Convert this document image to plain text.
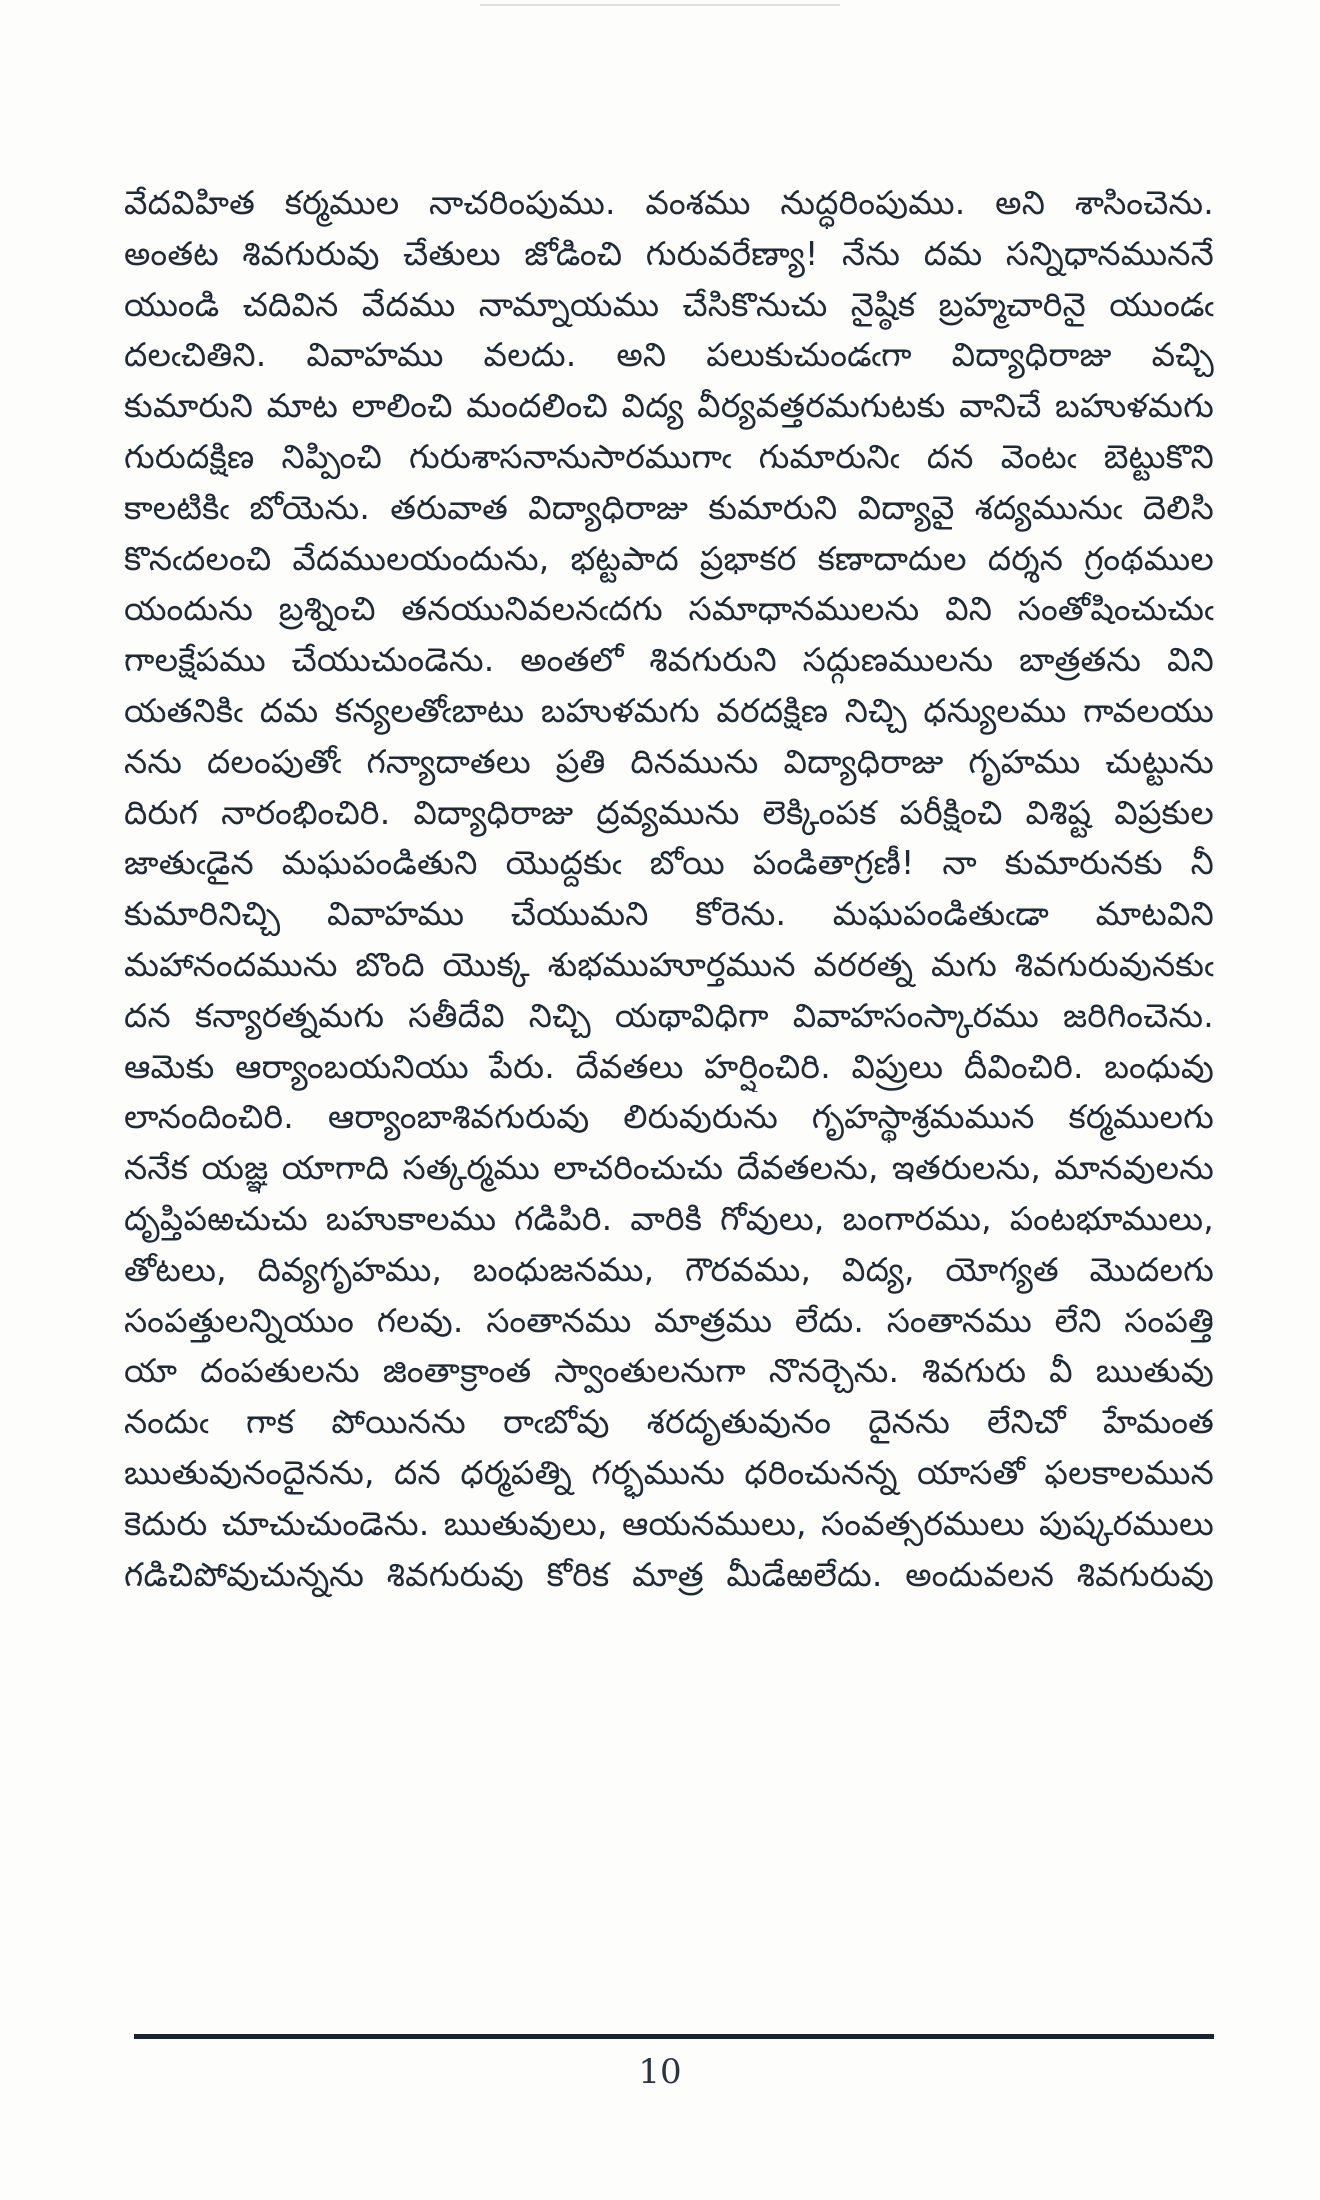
వేదవిహిత కర్మముల నాచరింపుము. వంశము నుద్ధరింపుము. అని శాసించెను.
అంతట శివగురువు చేతులు జోడించి గురువరేణ్యా! నేను దమ సన్నిధానముననే
యుండి చదివిన వేదము నామ్నాయము చేసికొనుచు నైష్ఠిక బ్రహ్మచారినై యుండఁ
దలఁచితిని. వివాహము వలదు. అని పలుకుచుండఁగా విద్యాధిరాజు వచ్చి
కుమారుని మాట లాలించి మందలించి విద్య వీర్యవత్తరమగుటకు వానిచే బహుళమగు
గురుదక్షిణ నిప్పించి గురుశాసనానుసారముగాఁ గుమారునిఁ దన వెంటఁ బెట్టుకొని
కాలటికిఁ బోయెను. తరువాత విద్యాధిరాజు కుమారుని విద్యావై శద్యమునుఁ దెలిసి
కొనఁదలంచి వేదములయందును, భట్టపాద ప్రభాకర కణాదాదుల దర్శన గ్రంథముల
యందును బ్రశ్నించి తనయునివలనఁదగు సమాధానములను విని సంతోషించుచుఁ
గాలక్షేపము చేయుచుండెను. అంతలో శివగురుని సద్గుణములను బాత్రతను విని
యతనికిఁ దమ కన్యలతోఁబాటు బహుళమగు వరదక్షిణ నిచ్చి ధన్యులము గావలయు
నను దలంపుతోఁ గన్యాదాతలు ప్రతి దినమును విద్యాధిరాజు గృహము చుట్టును
దిరుగ నారంభించిరి. విద్యాధిరాజు ద్రవ్యమును లెక్కింపక పరీక్షించి విశిష్ట విప్రకుల
జాతుఁడైన మఘపండితుని యొద్దకుఁ బోయి పండితాగ్రణీ! నా కుమారునకు నీ
కుమారినిచ్చి వివాహము చేయుమని కోరెను. మఘపండితుఁడా మాటవిని
మహానందమును బొంది యొక్క శుభముహూర్తమున వరరత్న మగు శివగురువునకుఁ
దన కన్యారత్నమగు సతీదేవి నిచ్చి యథావిధిగా వివాహసంస్కారము జరిగించెను.
ఆమెకు ఆర్యాంబయనియు పేరు. దేవతలు హర్షించిరి. విప్రులు దీవించిరి. బంధువు
లానందించిరి. ఆర్యాంబాశివగురువు లిరువురును గృహస్థాశ్రమమున కర్మములగు
ననేక యజ్ఞ యాగాది సత్కర్మము లాచరించుచు దేవతలను, ఇతరులను, మానవులను
దృప్తిపఱచుచు బహుకాలము గడిపిరి. వారికి గోవులు, బంగారము, పంటభూములు,
తోటలు, దివ్యగృహము, బంధుజనము, గౌరవము, విద్య, యోగ్యత మొదలగు
సంపత్తులన్నియుం గలవు. సంతానము మాత్రము లేదు. సంతానము లేని సంపత్తి
యా దంపతులను జింతాక్రాంత స్వాంతులనుగా నొనర్చెను. శివగురు వీ ఋతువు
నందుఁ గాక పోయినను రాఁబోవు శరదృతువునం దైనను లేనిచో హేమంత
ఋతువునందైనను, దన ధర్మపత్ని గర్భమును ధరించునన్న యాసతో ఫలకాలమున
కెదురు చూచుచుండెను. ఋతువులు, ఆయనములు, సంవత్సరములు పుష్కరములు
గడిచిపోవుచున్నను శివగురువు కోరిక మాత్ర మీడేఱలేదు. అందువలన శివగురువు
10
